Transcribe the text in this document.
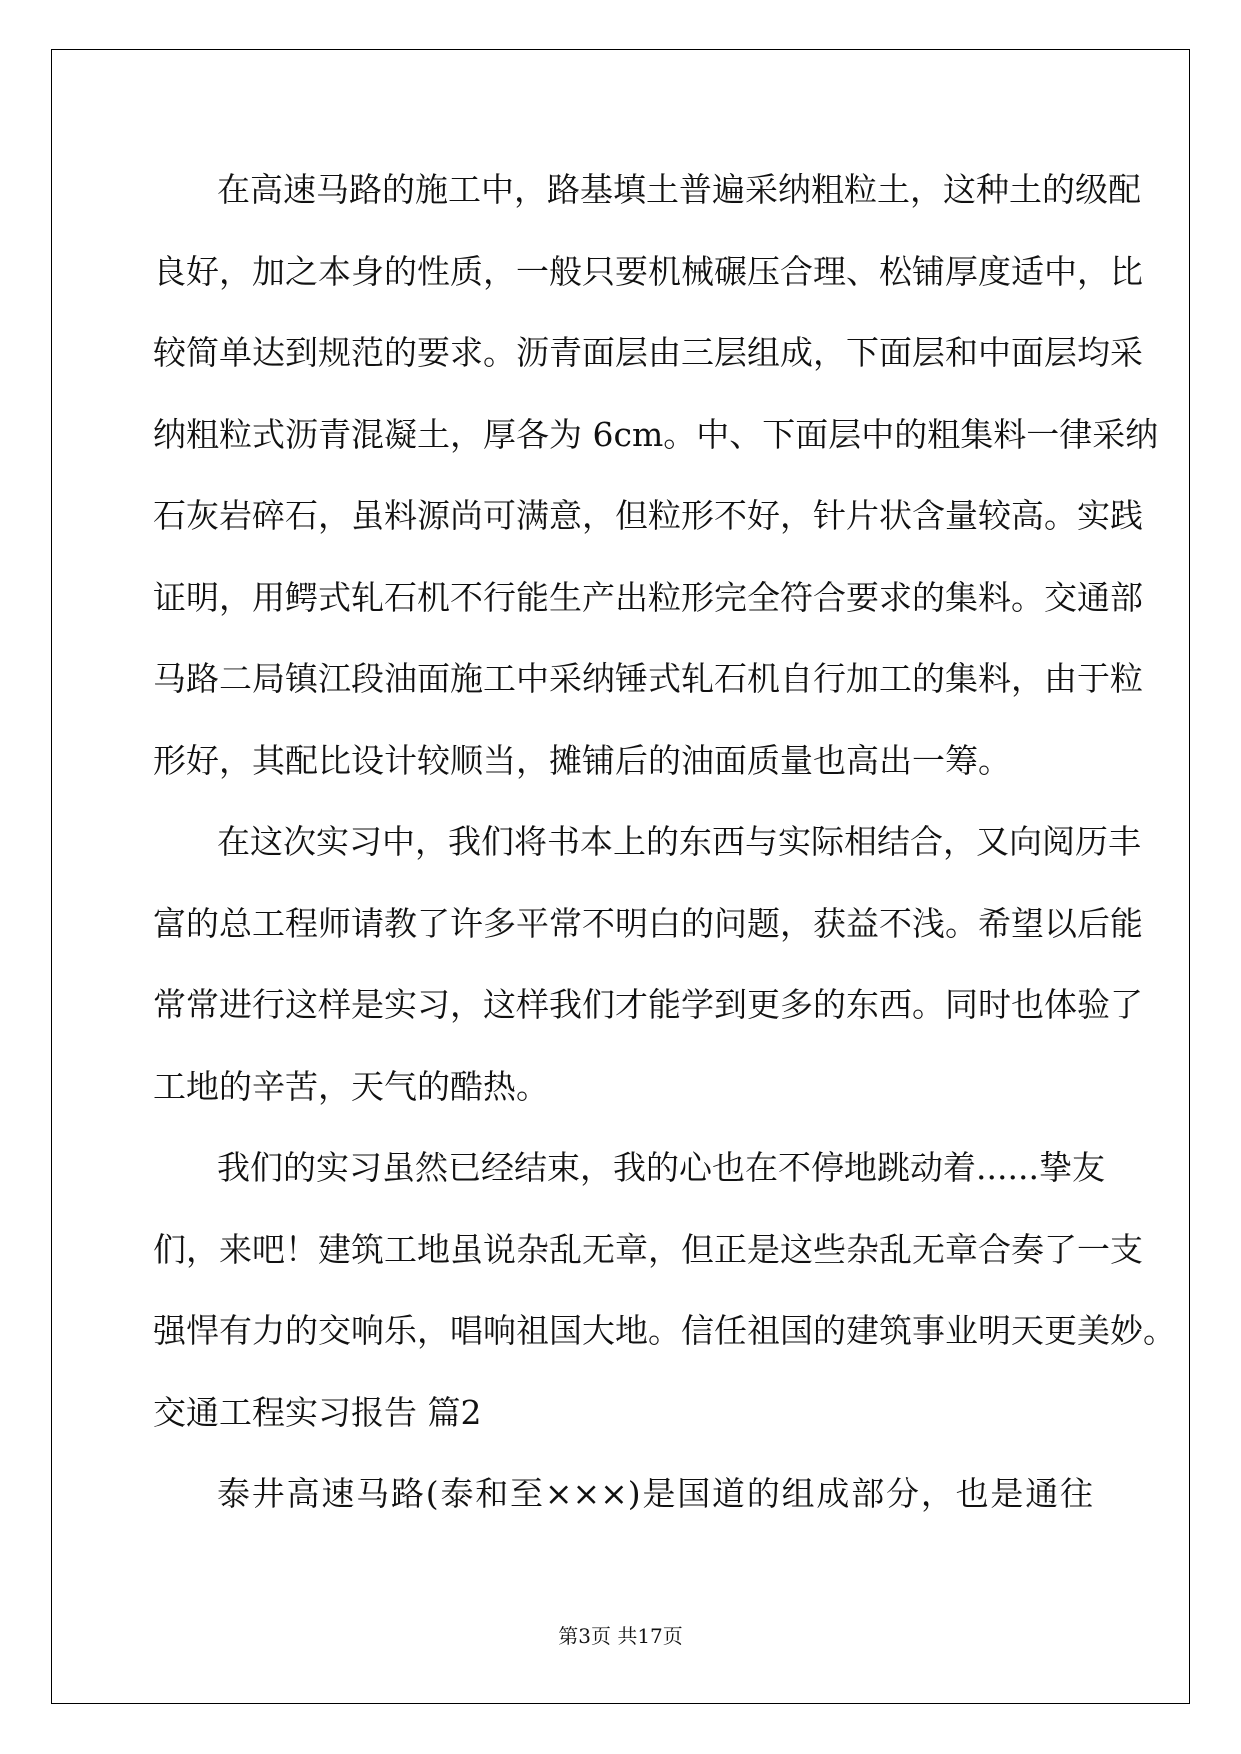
在高速马路的施工中，路基填土普遍采纳粗粒土，这种土的级配
良好，加之本身的性质，一般只要机械碾压合理、松铺厚度适中，比
较简单达到规范的要求。沥青面层由三层组成，下面层和中面层均采
纳粗粒式沥青混凝土，厚各为 6cm。中、下面层中的粗集料一律采纳
石灰岩碎石，虽料源尚可满意，但粒形不好，针片状含量较高。实践
证明，用鳄式轧石机不行能生产出粒形完全符合要求的集料。交通部
马路二局镇江段油面施工中采纳锤式轧石机自行加工的集料，由于粒
形好，其配比设计较顺当，摊铺后的油面质量也高出一筹。
在这次实习中，我们将书本上的东西与实际相结合，又向阅历丰
富的总工程师请教了许多平常不明白的问题，获益不浅。希望以后能
常常进行这样是实习，这样我们才能学到更多的东西。同时也体验了
工地的辛苦，天气的酷热。
我们的实习虽然已经结束，我的心也在不停地跳动着......挚友
们，来吧！建筑工地虽说杂乱无章，但正是这些杂乱无章合奏了一支
强悍有力的交响乐，唱响祖国大地。信任祖国的建筑事业明天更美妙。
交通工程实习报告 篇2
泰井高速马路(泰和至×××)是国道的组成部分，也是通往
第3页 共17页
